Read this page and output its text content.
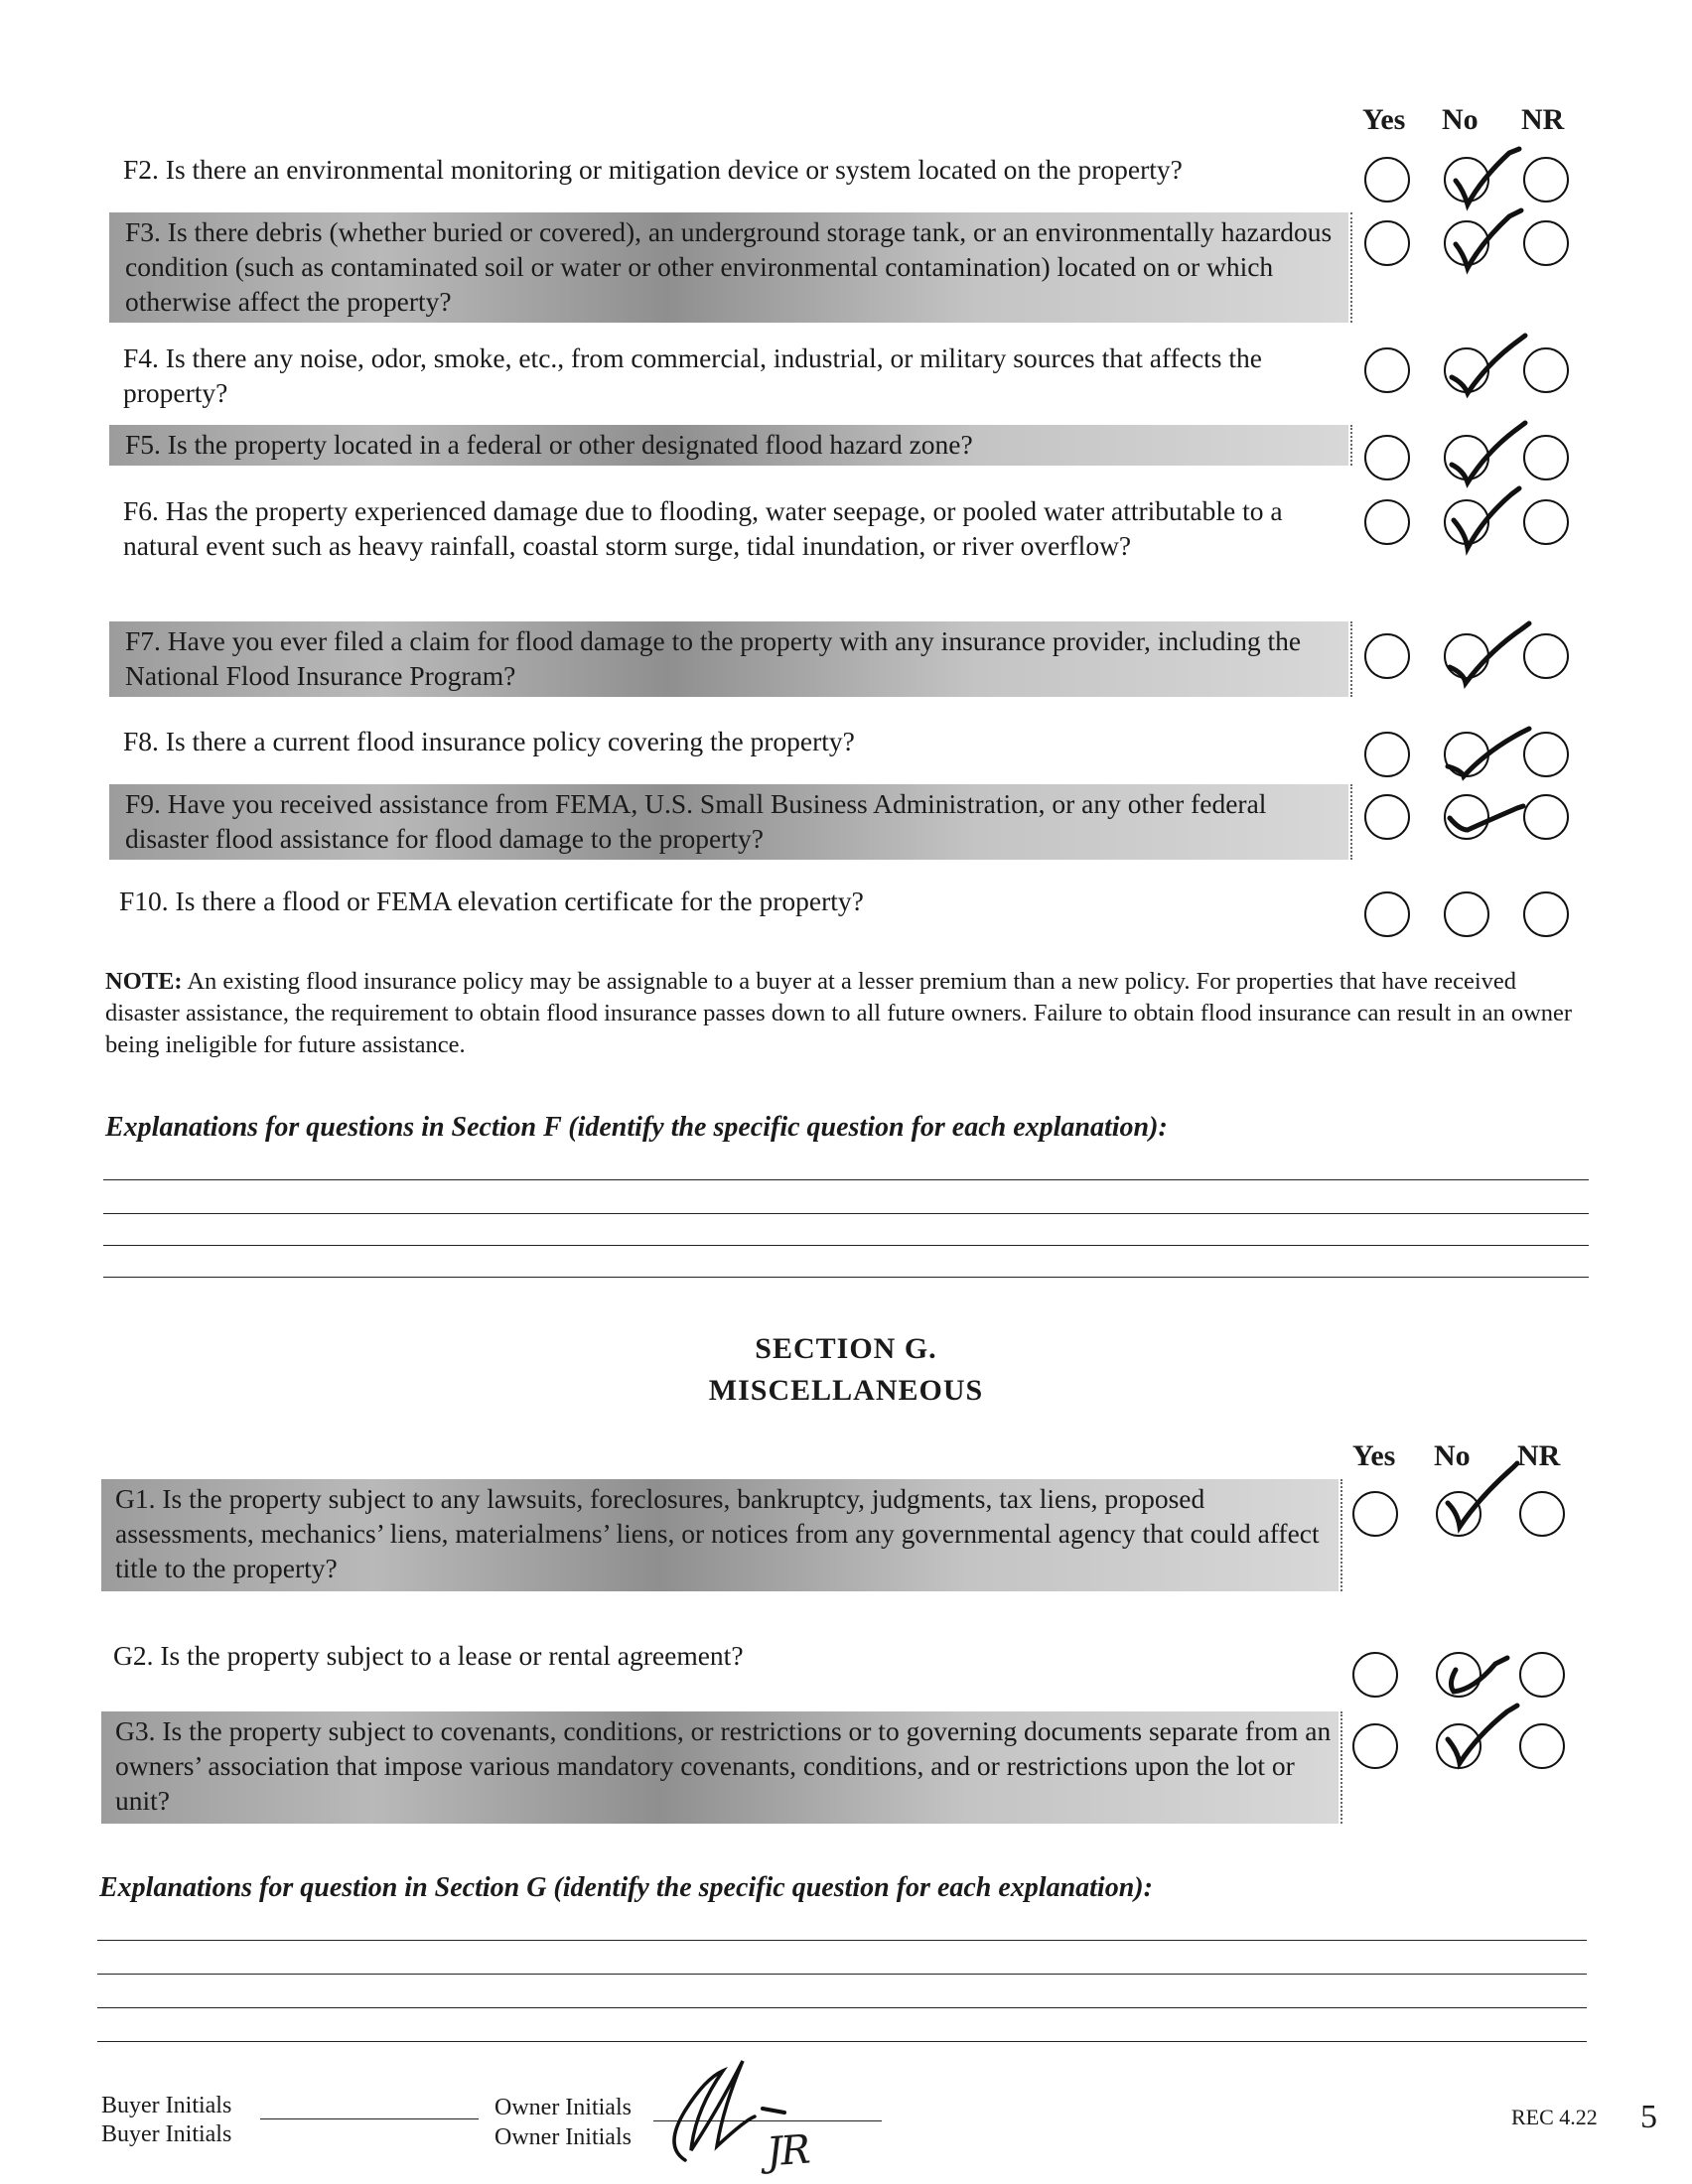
Yes No NR
F2. Is there an environmental monitoring or mitigation device or system located on the property?
F3. Is there debris (whether buried or covered), an underground storage tank, or an environmentally hazardous condition (such as contaminated soil or water or other environmental contamination) located on or which otherwise affect the property?
F4. Is there any noise, odor, smoke, etc., from commercial, industrial, or military sources that affects the property?
F5. Is the property located in a federal or other designated flood hazard zone?
F6. Has the property experienced damage due to flooding, water seepage, or pooled water attributable to a natural event such as heavy rainfall, coastal storm surge, tidal inundation, or river overflow?
F7. Have you ever filed a claim for flood damage to the property with any insurance provider, including the National Flood Insurance Program?
F8. Is there a current flood insurance policy covering the property?
F9. Have you received assistance from FEMA, U.S. Small Business Administration, or any other federal disaster flood assistance for flood damage to the property?
F10. Is there a flood or FEMA elevation certificate for the property?
NOTE: An existing flood insurance policy may be assignable to a buyer at a lesser premium than a new policy. For properties that have received disaster assistance, the requirement to obtain flood insurance passes down to all future owners. Failure to obtain flood insurance can result in an owner being ineligible for future assistance.
Explanations for questions in Section F (identify the specific question for each explanation):
SECTION G.
MISCELLANEOUS
Yes No NR
G1. Is the property subject to any lawsuits, foreclosures, bankruptcy, judgments, tax liens, proposed assessments, mechanics’ liens, materialmens’ liens, or notices from any governmental agency that could affect title to the property?
G2. Is the property subject to a lease or rental agreement?
G3. Is the property subject to covenants, conditions, or restrictions or to governing documents separate from an owners’ association that impose various mandatory covenants, conditions, and or restrictions upon the lot or unit?
Explanations for question in Section G (identify the specific question for each explanation):
Buyer Initials
Buyer Initials
Owner Initials
Owner Initials	JR
REC 4.22 5
